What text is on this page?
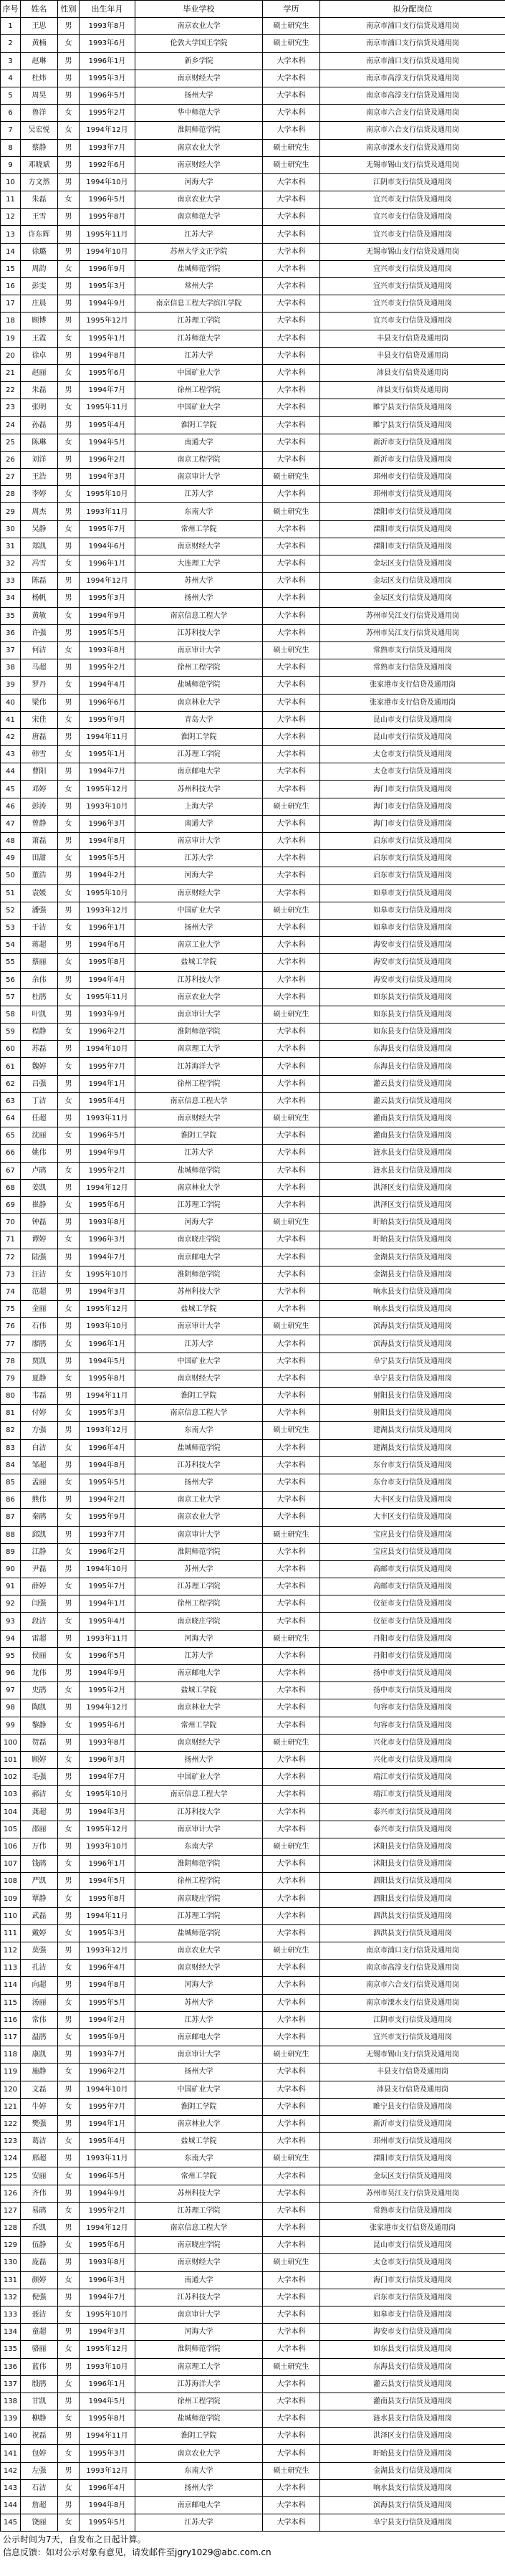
序号	姓名	性别	出生年月	毕业学校	学历	拟分配岗位
1	王思	男	1993年8月	南京农业大学	硕士研究生	南京市浦口支行信贷及通用岗
2	黄楠	女	1993年6月	伦敦大学国王学院	硕士研究生	南京市浦口支行信贷及通用岗
3	赵琳	男	1996年1月	新乡学院	大学本科	南京市浦口支行信贷及通用岗
4	杜炜	男	1995年3月	南京财经大学	大学本科	南京市高淳支行信贷及通用岗
5	周昊	男	1996年5月	扬州大学	大学本科	南京市高淳支行信贷及通用岗
6	鲁洋	女	1995年2月	华中师范大学	大学本科	南京市六合支行信贷及通用岗
7	吴宏悦	女	1994年12月	淮阴师范学院	大学本科	南京市六合支行信贷及通用岗
8	蔡静	男	1993年7月	南京农业大学	硕士研究生	南京市溧水支行信贷及通用岗
9	邓晓斌	男	1992年6月	南京财经大学	硕士研究生	无锡市锡山支行信贷及通用岗
10	方文然	男	1994年10月	河海大学	大学本科	江阴市支行信贷及通用岗
11	朱磊	女	1996年5月	南京农业大学	大学本科	宜兴市支行信贷及通用岗
12	王雪	男	1995年8月	南京师范大学	大学本科	宜兴市支行信贷及通用岗
13	许东辉	男	1995年11月	江苏大学	大学本科	宜兴市支行信贷及通用岗
14	徐璐	男	1994年10月	苏州大学文正学院	大学本科	无锡市锡山支行信贷及通用岗
15	周韵	女	1996年9月	盐城师范学院	大学本科	宜兴市支行信贷及通用岗
16	彭雯	男	1995年3月	常州大学	大学本科	宜兴市支行信贷及通用岗
17	庄晨	男	1994年9月	南京信息工程大学滨江学院	大学本科	宜兴市支行信贷及通用岗
18	顾博	男	1995年12月	江苏理工学院	大学本科	宜兴市支行信贷及通用岗
19	王霞	女	1995年1月	江苏师范大学	大学本科	丰县支行信贷及通用岗
20	徐卓	男	1994年8月	江苏大学	大学本科	丰县支行信贷及通用岗
21	赵丽	女	1995年6月	中国矿业大学	大学本科	沛县支行信贷及通用岗
22	朱磊	男	1994年7月	徐州工程学院	大学本科	沛县支行信贷及通用岗
23	张明	女	1995年11月	中国矿业大学	大学本科	睢宁县支行信贷及通用岗
24	孙磊	男	1995年4月	淮阴工学院	大学本科	睢宁县支行信贷及通用岗
25	陈琳	女	1994年5月	南通大学	大学本科	新沂市支行信贷及通用岗
26	刘洋	男	1996年2月	南京工程学院	大学本科	新沂市支行信贷及通用岗
27	王浩	男	1994年3月	南京审计大学	硕士研究生	邳州市支行信贷及通用岗
28	李婷	女	1995年10月	江苏大学	大学本科	邳州市支行信贷及通用岗
29	周杰	男	1993年11月	东南大学	硕士研究生	溧阳市支行信贷及通用岗
30	吴静	女	1995年7月	常州工学院	大学本科	溧阳市支行信贷及通用岗
31	郑凯	男	1994年6月	南京财经大学	大学本科	溧阳市支行信贷及通用岗
32	冯雪	女	1996年1月	大连理工大学	大学本科	金坛区支行信贷及通用岗
33	陈磊	男	1994年12月	苏州大学	大学本科	金坛区支行信贷及通用岗
34	杨帆	男	1995年3月	扬州大学	大学本科	金坛区支行信贷及通用岗
35	黄敏	女	1994年9月	南京信息工程大学	大学本科	苏州市吴江支行信贷及通用岗
36	许强	男	1995年5月	江苏科技大学	大学本科	苏州市吴江支行信贷及通用岗
37	何洁	女	1993年8月	南京审计大学	硕士研究生	常熟市支行信贷及通用岗
38	马超	男	1995年2月	徐州工程学院	大学本科	常熟市支行信贷及通用岗
39	罗丹	女	1994年4月	盐城师范学院	大学本科	张家港市支行信贷及通用岗
40	梁伟	男	1996年6月	南京林业大学	大学本科	张家港市支行信贷及通用岗
41	宋佳	女	1995年9月	青岛大学	大学本科	昆山市支行信贷及通用岗
42	唐磊	男	1994年11月	淮阴工学院	大学本科	昆山市支行信贷及通用岗
43	韩雪	女	1995年1月	江苏理工学院	大学本科	太仓市支行信贷及通用岗
44	曹阳	男	1994年7月	南京邮电大学	大学本科	太仓市支行信贷及通用岗
45	邓婷	女	1995年12月	苏州科技大学	大学本科	海门市支行信贷及通用岗
46	彭涛	男	1993年10月	上海大学	硕士研究生	海门市支行信贷及通用岗
47	曾静	女	1996年3月	南通大学	大学本科	海门市支行信贷及通用岗
48	萧磊	男	1994年8月	南京审计大学	大学本科	启东市支行信贷及通用岗
49	田甜	女	1995年5月	江苏大学	大学本科	启东市支行信贷及通用岗
50	董浩	男	1994年2月	河海大学	大学本科	启东市支行信贷及通用岗
51	袁媛	女	1995年10月	南京财经大学	大学本科	如皋市支行信贷及通用岗
52	潘强	男	1993年12月	中国矿业大学	硕士研究生	如皋市支行信贷及通用岗
53	于洁	女	1996年1月	扬州大学	大学本科	如皋市支行信贷及通用岗
54	蒋超	男	1994年6月	南京工业大学	大学本科	海安市支行信贷及通用岗
55	蔡丽	女	1995年8月	盐城工学院	大学本科	海安市支行信贷及通用岗
56	余伟	男	1994年4月	江苏科技大学	大学本科	海安市支行信贷及通用岗
57	杜鹃	女	1995年11月	南京农业大学	大学本科	如东县支行信贷及通用岗
58	叶凯	男	1993年9月	南京审计大学	硕士研究生	如东县支行信贷及通用岗
59	程静	女	1996年2月	淮阴师范学院	大学本科	如东县支行信贷及通用岗
60	苏磊	男	1994年10月	南京理工大学	大学本科	东海县支行信贷及通用岗
61	魏婷	女	1995年7月	江苏海洋大学	大学本科	东海县支行信贷及通用岗
62	吕强	男	1994年1月	徐州工程学院	大学本科	灌云县支行信贷及通用岗
63	丁洁	女	1995年4月	南京信息工程大学	大学本科	灌云县支行信贷及通用岗
64	任超	男	1993年11月	南京财经大学	硕士研究生	灌南县支行信贷及通用岗
65	沈丽	女	1996年5月	淮阴工学院	大学本科	灌南县支行信贷及通用岗
66	姚伟	男	1994年9月	江苏大学	大学本科	涟水县支行信贷及通用岗
67	卢鹃	女	1995年2月	盐城师范学院	大学本科	涟水县支行信贷及通用岗
68	姜凯	男	1994年12月	南京林业大学	大学本科	洪泽区支行信贷及通用岗
69	崔静	女	1995年6月	江苏理工学院	大学本科	洪泽区支行信贷及通用岗
70	钟磊	男	1993年8月	河海大学	硕士研究生	盱眙县支行信贷及通用岗
71	谭婷	女	1996年3月	南京晓庄学院	大学本科	盱眙县支行信贷及通用岗
72	陆强	男	1994年7月	南京邮电大学	大学本科	金湖县支行信贷及通用岗
73	汪洁	女	1995年10月	淮阴师范学院	大学本科	金湖县支行信贷及通用岗
74	范超	男	1994年3月	苏州科技大学	大学本科	响水县支行信贷及通用岗
75	金丽	女	1995年12月	盐城工学院	大学本科	响水县支行信贷及通用岗
76	石伟	男	1993年10月	南京审计大学	硕士研究生	滨海县支行信贷及通用岗
77	廖鹃	女	1996年1月	江苏大学	大学本科	滨海县支行信贷及通用岗
78	贾凯	男	1994年5月	中国矿业大学	大学本科	阜宁县支行信贷及通用岗
79	夏静	女	1995年8月	南京财经大学	大学本科	阜宁县支行信贷及通用岗
80	韦磊	男	1994年11月	淮阴工学院	大学本科	射阳县支行信贷及通用岗
81	付婷	女	1995年3月	南京信息工程大学	大学本科	射阳县支行信贷及通用岗
82	方强	男	1993年12月	东南大学	硕士研究生	建湖县支行信贷及通用岗
83	白洁	女	1996年4月	盐城师范学院	大学本科	建湖县支行信贷及通用岗
84	邹超	男	1994年8月	江苏科技大学	大学本科	东台市支行信贷及通用岗
85	孟丽	女	1995年5月	扬州大学	大学本科	东台市支行信贷及通用岗
86	熊伟	男	1994年2月	南京工业大学	大学本科	大丰区支行信贷及通用岗
87	秦鹃	女	1995年9月	南京农业大学	大学本科	大丰区支行信贷及通用岗
88	邱凯	男	1993年7月	南京审计大学	硕士研究生	宝应县支行信贷及通用岗
89	江静	女	1996年2月	淮阴师范学院	大学本科	宝应县支行信贷及通用岗
90	尹磊	男	1994年10月	苏州大学	大学本科	高邮市支行信贷及通用岗
91	薛婷	女	1995年7月	江苏理工学院	大学本科	高邮市支行信贷及通用岗
92	闫强	男	1994年1月	徐州工程学院	大学本科	仪征市支行信贷及通用岗
93	段洁	女	1995年4月	南京晓庄学院	大学本科	仪征市支行信贷及通用岗
94	雷超	男	1993年11月	河海大学	硕士研究生	丹阳市支行信贷及通用岗
95	侯丽	女	1996年5月	江苏大学	大学本科	丹阳市支行信贷及通用岗
96	龙伟	男	1994年9月	南京邮电大学	大学本科	扬中市支行信贷及通用岗
97	史鹃	女	1995年2月	盐城工学院	大学本科	扬中市支行信贷及通用岗
98	陶凯	男	1994年12月	南京林业大学	大学本科	句容市支行信贷及通用岗
99	黎静	女	1995年6月	常州工学院	大学本科	句容市支行信贷及通用岗
100	贺磊	男	1993年8月	南京财经大学	硕士研究生	兴化市支行信贷及通用岗
101	顾婷	女	1996年3月	扬州大学	大学本科	兴化市支行信贷及通用岗
102	毛强	男	1994年7月	中国矿业大学	大学本科	靖江市支行信贷及通用岗
103	郝洁	女	1995年10月	南京信息工程大学	大学本科	靖江市支行信贷及通用岗
104	龚超	男	1994年3月	江苏科技大学	大学本科	泰兴市支行信贷及通用岗
105	邵丽	女	1995年12月	南京审计大学	大学本科	泰兴市支行信贷及通用岗
106	万伟	男	1993年10月	东南大学	硕士研究生	沭阳县支行信贷及通用岗
107	钱鹃	女	1996年1月	淮阴师范学院	大学本科	沭阳县支行信贷及通用岗
108	严凯	男	1994年5月	徐州工程学院	大学本科	泗阳县支行信贷及通用岗
109	覃静	女	1995年8月	南京晓庄学院	大学本科	泗阳县支行信贷及通用岗
110	武磊	男	1994年11月	江苏理工学院	大学本科	泗洪县支行信贷及通用岗
111	戴婷	女	1995年3月	盐城师范学院	大学本科	泗洪县支行信贷及通用岗
112	莫强	男	1993年12月	南京农业大学	硕士研究生	南京市浦口支行信贷及通用岗
113	孔洁	女	1996年4月	南京财经大学	大学本科	南京市高淳支行信贷及通用岗
114	向超	男	1994年8月	河海大学	大学本科	南京市六合支行信贷及通用岗
115	汤丽	女	1995年5月	苏州大学	大学本科	南京市溧水支行信贷及通用岗
116	常伟	男	1994年2月	江苏大学	大学本科	江阴市支行信贷及通用岗
117	温鹃	女	1995年9月	南京邮电大学	大学本科	宜兴市支行信贷及通用岗
118	康凯	男	1993年7月	南京审计大学	硕士研究生	无锡市锡山支行信贷及通用岗
119	施静	女	1996年2月	扬州大学	大学本科	丰县支行信贷及通用岗
120	文磊	男	1994年10月	中国矿业大学	大学本科	沛县支行信贷及通用岗
121	牛婷	女	1995年7月	淮阴工学院	大学本科	睢宁县支行信贷及通用岗
122	樊强	男	1994年1月	南京林业大学	大学本科	新沂市支行信贷及通用岗
123	葛洁	女	1995年4月	盐城工学院	大学本科	邳州市支行信贷及通用岗
124	邢超	男	1993年11月	东南大学	硕士研究生	溧阳市支行信贷及通用岗
125	安丽	女	1996年5月	常州工学院	大学本科	金坛区支行信贷及通用岗
126	齐伟	男	1994年9月	苏州科技大学	大学本科	苏州市吴江支行信贷及通用岗
127	易鹃	女	1995年2月	江苏理工学院	大学本科	常熟市支行信贷及通用岗
128	乔凯	男	1994年12月	南京信息工程大学	大学本科	张家港市支行信贷及通用岗
129	伍静	女	1995年6月	南京晓庄学院	大学本科	昆山市支行信贷及通用岗
130	庞磊	男	1993年8月	南京财经大学	硕士研究生	太仓市支行信贷及通用岗
131	颜婷	女	1996年3月	南通大学	大学本科	海门市支行信贷及通用岗
132	倪强	男	1994年7月	江苏科技大学	大学本科	启东市支行信贷及通用岗
133	聂洁	女	1995年10月	南京审计大学	大学本科	如皋市支行信贷及通用岗
134	童超	男	1994年3月	河海大学	大学本科	海安市支行信贷及通用岗
135	骆丽	女	1995年12月	淮阴师范学院	大学本科	如东县支行信贷及通用岗
136	蓝伟	男	1993年10月	南京理工大学	硕士研究生	东海县支行信贷及通用岗
137	殷鹃	女	1996年1月	江苏海洋大学	大学本科	灌云县支行信贷及通用岗
138	甘凯	男	1994年5月	徐州工程学院	大学本科	灌南县支行信贷及通用岗
139	柳静	女	1995年8月	盐城师范学院	大学本科	涟水县支行信贷及通用岗
140	祝磊	男	1994年11月	淮阴工学院	大学本科	洪泽区支行信贷及通用岗
141	包婷	女	1995年3月	南京农业大学	大学本科	盱眙县支行信贷及通用岗
142	左强	男	1993年12月	东南大学	硕士研究生	金湖县支行信贷及通用岗
143	石洁	女	1996年4月	扬州大学	大学本科	响水县支行信贷及通用岗
144	詹超	男	1994年8月	南京邮电大学	大学本科	滨海县支行信贷及通用岗
145	饶丽	女	1995年5月	江苏大学	大学本科	阜宁县支行信贷及通用岗
公示时间为7天，自发布之日起计算。
信息反馈：如对公示对象有意见，请发邮件至jgry1029@abc.com.cn
